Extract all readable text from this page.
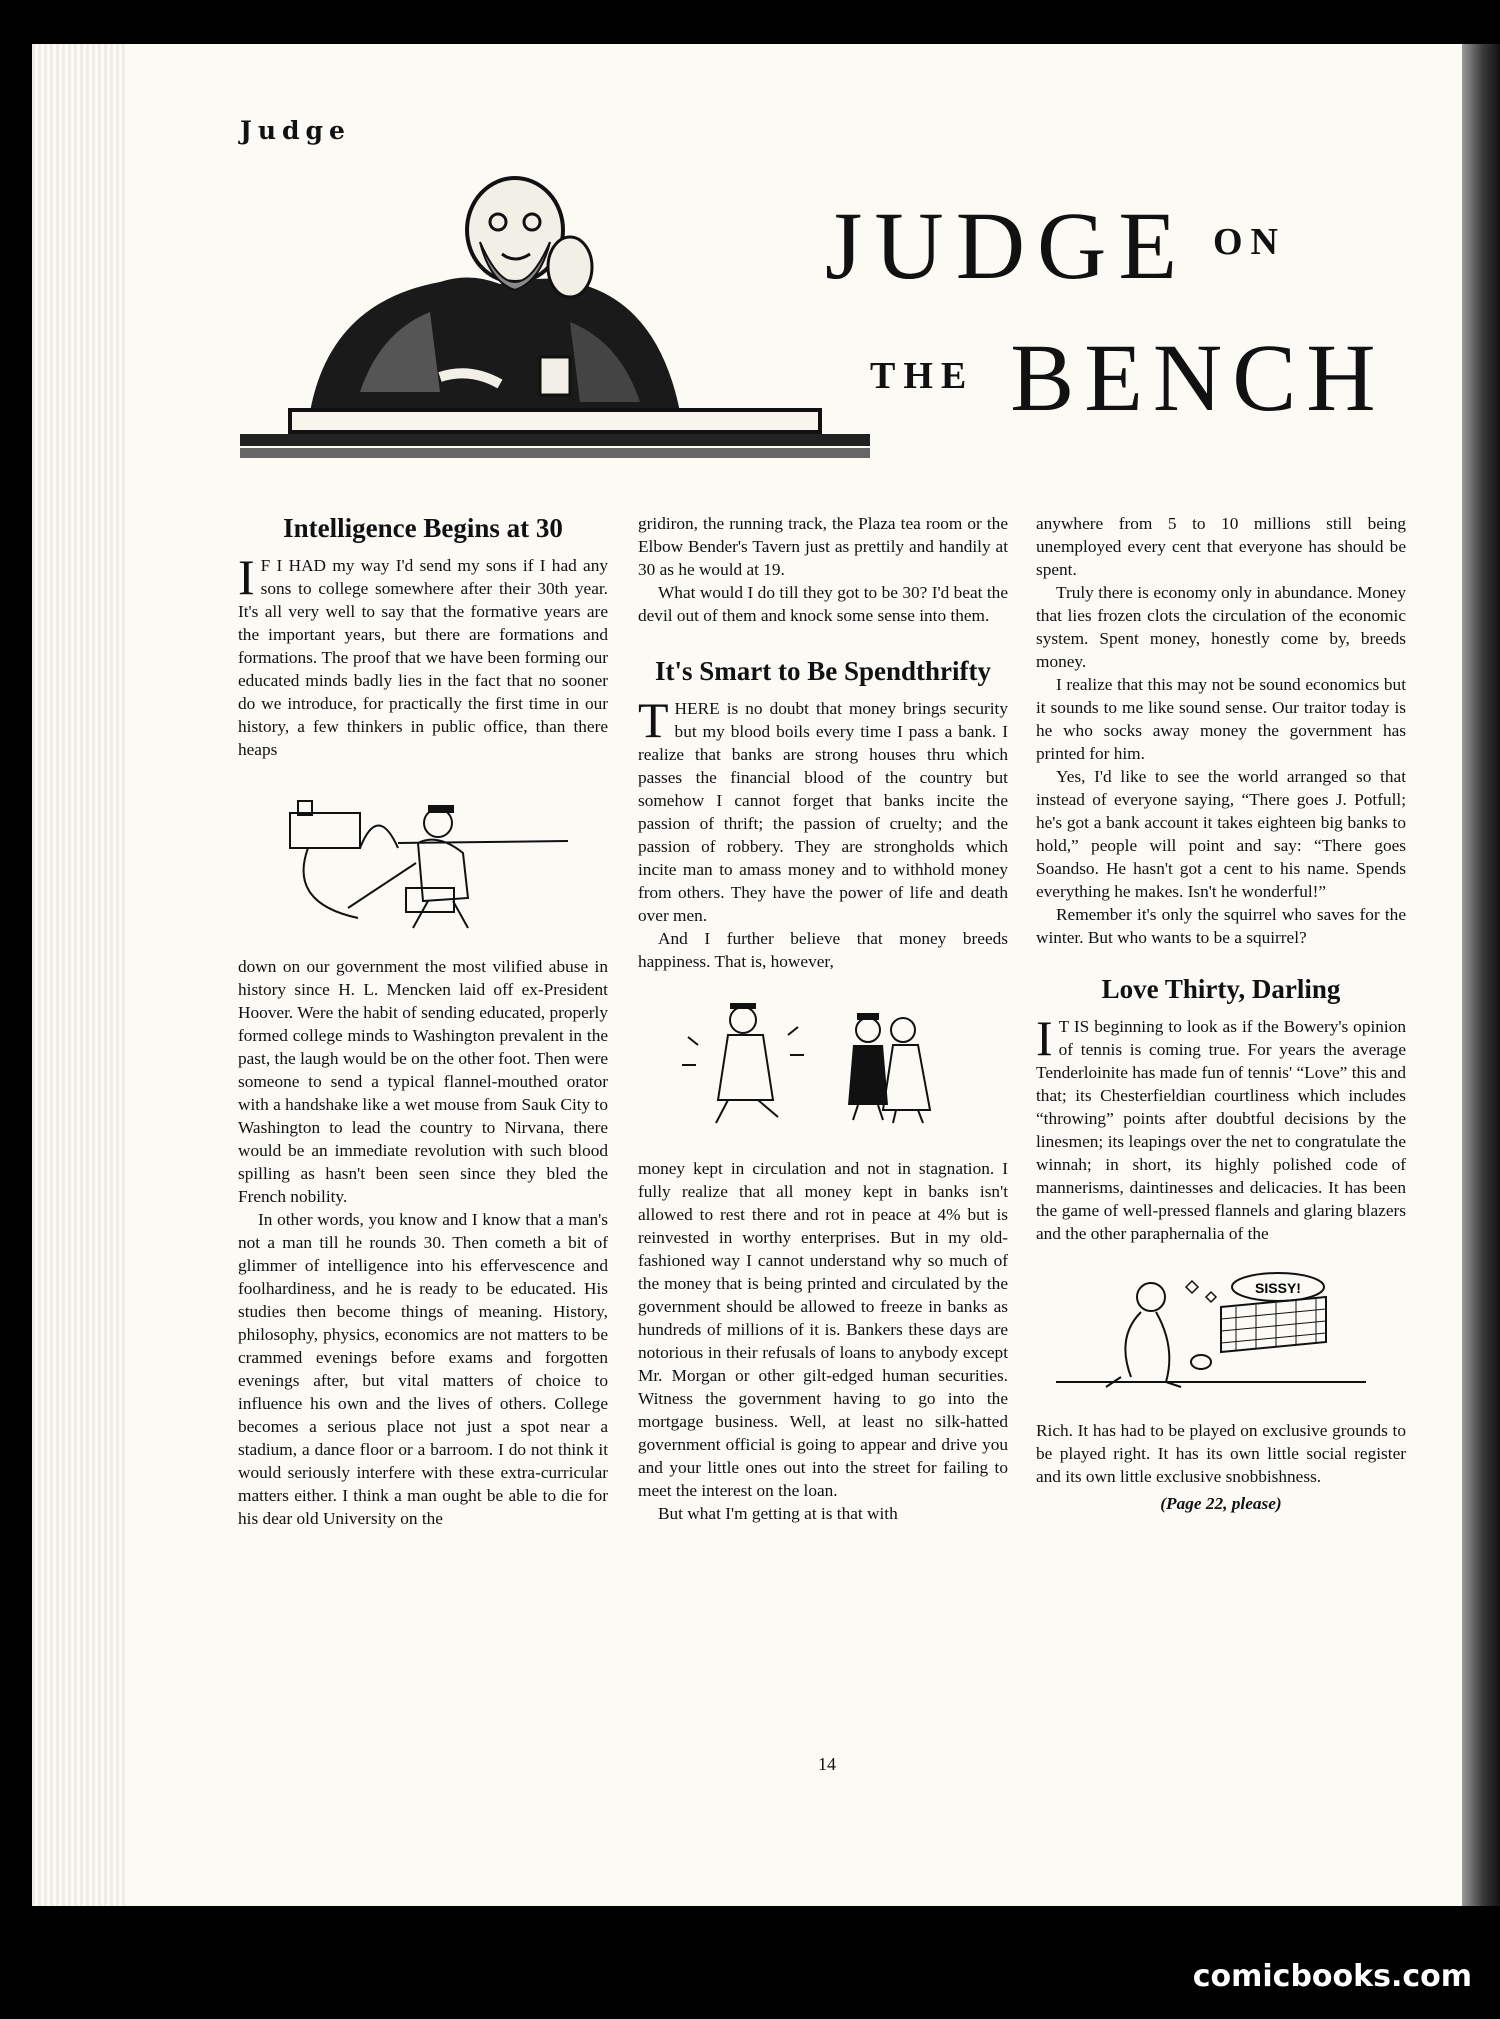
Judge
JUDGE $^{ON}$
$^{THE}$ BENCH
Intelligence Begins at 30

I F I HAD my way I'd send my sons if I had any sons to college somewhere after their 30th year. It's all very well to say that the formative years are the important years, but there are formations and formations. The proof that we have been forming our educated minds badly lies in the fact that no sooner do we introduce, for practically the first time in our history, a few thinkers in public office, than there heaps

down on our government the most vilified abuse in history since H. L. Mencken laid off ex-President Hoover. Were the habit of sending educated, properly formed college minds to Washington prevalent in the past, the laugh would be on the other foot. Then were someone to send a typical flannel-mouthed orator with a handshake like a wet mouse from Sauk City to Washington to lead the country to Nirvana, there would be an immediate revolution with such blood spilling as hasn't been seen since they bled the French nobility.

In other words, you know and I know that a man's not a man till he rounds 30. Then cometh a bit of glimmer of intelligence into his effervescence and foolhardiness, and he is ready to be educated. His studies then become things of meaning. History, philosophy, physics, economics are not matters to be crammed evenings before exams and forgotten evenings after, but vital matters of choice to influence his own and the lives of others. College becomes a serious place not just a spot near a stadium, a dance floor or a barroom. I do not think it would seriously interfere with these extra-curricular matters either. I think a man ought be able to die for his dear old University on the

gridiron, the running track, the Plaza tea room or the Elbow Bender's Tavern just as prettily and handily at 30 as he would at 19.

What would I do till they got to be 30? I'd beat the devil out of them and knock some sense into them.

It's Smart to Be Spendthrifty

THERE is no doubt that money brings security but my blood boils every time I pass a bank. I realize that banks are strong houses thru which passes the financial blood of the country but somehow I cannot forget that banks incite the passion of thrift; the passion of cruelty; and the passion of robbery. They are strongholds which incite man to amass money and to withhold money from others. They have the power of life and death over men.

And I further believe that money breeds happiness. That is, however,

money kept in circulation and not in stagnation. I fully realize that all money kept in banks isn't allowed to rest there and rot in peace at 4% but is reinvested in worthy enterprises. But in my old-fashioned way I cannot understand why so much of the money that is being printed and circulated by the government should be allowed to freeze in banks as hundreds of millions of it is. Bankers these days are notorious in their refusals of loans to anybody except Mr. Morgan or other gilt-edged human securities. Witness the government having to go into the mortgage business. Well, at least no silk-hatted government official is going to appear and drive you and your little ones out into the street for failing to meet the interest on the loan.

But what I'm getting at is that with

anywhere from 5 to 10 millions still being unemployed every cent that everyone has should be spent.

Truly there is economy only in abundance. Money that lies frozen clots the circulation of the economic system. Spent money, honestly come by, breeds money.

I realize that this may not be sound economics but it sounds to me like sound sense. Our traitor today is he who socks away money the government has printed for him.

Yes, I'd like to see the world arranged so that instead of everyone saying, “There goes J. Potfull; he's got a bank account it takes eighteen big banks to hold,” people will point and say: “There goes Soandso. He hasn't got a cent to his name. Spends everything he makes. Isn't he wonderful!”

Remember it's only the squirrel who saves for the winter. But who wants to be a squirrel?

Love Thirty, Darling

I T IS beginning to look as if the Bowery's opinion of tennis is coming true. For years the average Tenderloinite has made fun of tennis' “Love” this and that; its Chesterfieldian courtliness which includes “throwing” points after doubtful decisions by the linesmen; its leapings over the net to congratulate the winnah; in short, its highly polished code of mannerisms, daintinesses and delicacies. It has been the game of well-pressed flannels and glaring blazers and the other paraphernalia of the

SISSY!

Rich. It has had to be played on exclusive grounds to be played right. It has its own little social register and its own little exclusive snobbishness.

(Page 22, please)
14
comicbooks.com
